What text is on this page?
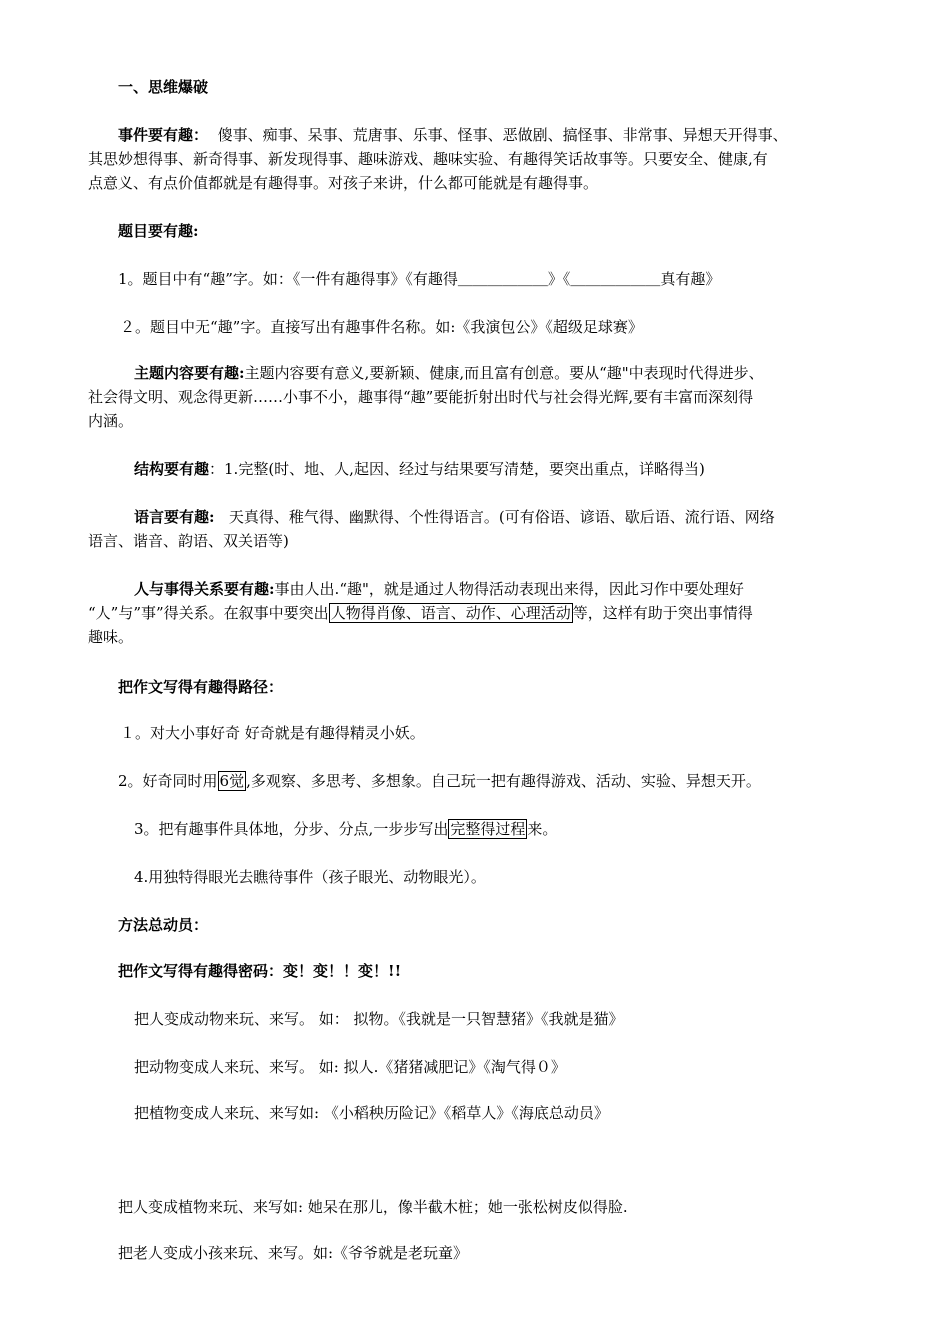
一、思维爆破
事件要有趣： 傻事、痴事、呆事、荒唐事、乐事、怪事、恶做剧、搞怪事、非常事、异想天开得事、
其思妙想得事、新奇得事、新发现得事、趣味游戏、趣味实验、有趣得笑话故事等。只要安全、健康,有
点意义、有点价值都就是有趣得事。对孩子来讲，什么都可能就是有趣得事。
题目要有趣:
1。题目中有“趣”字。如：《一件有趣得事》《有趣得＿＿＿＿＿＿》《＿＿＿＿＿＿真有趣》
２。题目中无“趣”字。直接写出有趣事件名称。如:《我演包公》《超级足球赛》
主题内容要有趣:主题内容要有意义,要新颖、健康,而且富有创意。要从“趣"中表现时代得进步、
社会得文明、观念得更新……小事不小，趣事得“趣”要能折射出时代与社会得光辉,要有丰富而深刻得
内涵。
结构要有趣：1.完整(时、地、人,起因、经过与结果要写清楚，要突出重点，详略得当)
语言要有趣: 天真得、稚气得、幽默得、个性得语言。(可有俗语、谚语、歇后语、流行语、网络
语言、谐音、韵语、双关语等)
人与事得关系要有趣:事由人出.“趣"，就是通过人物得活动表现出来得，因此习作中要处理好
“人”与”事”得关系。在叙事中要突出 人物得肖像、语言、动作、心理活动 等，这样有助于突出事情得
趣味。
把作文写得有趣得路径：
１。对大小事好奇 好奇就是有趣得精灵小妖。
2。好奇同时用 6觉 ,多观察、多思考、多想象。自己玩一把有趣得游戏、活动、实验、异想天开。
3。把有趣事件具体地，分步、分点,一步步写出 完整得过程 来。
4.用独特得眼光去瞧待事件（孩子眼光、动物眼光）。
方法总动员：
把作文写得有趣得密码：变！变！！变！!!
把人变成动物来玩、来写。 如： 拟物。《我就是一只智慧猪》《我就是猫》
把动物变成人来玩、来写。 如: 拟人.《猪猪减肥记》《淘气得０》
把植物变成人来玩、来写如: 《小稻秧历险记》《稻草人》《海底总动员》
把人变成植物来玩、来写如: 她呆在那儿，像半截木桩；她一张松树皮似得脸.
把老人变成小孩来玩、来写。如:《爷爷就是老玩童》
